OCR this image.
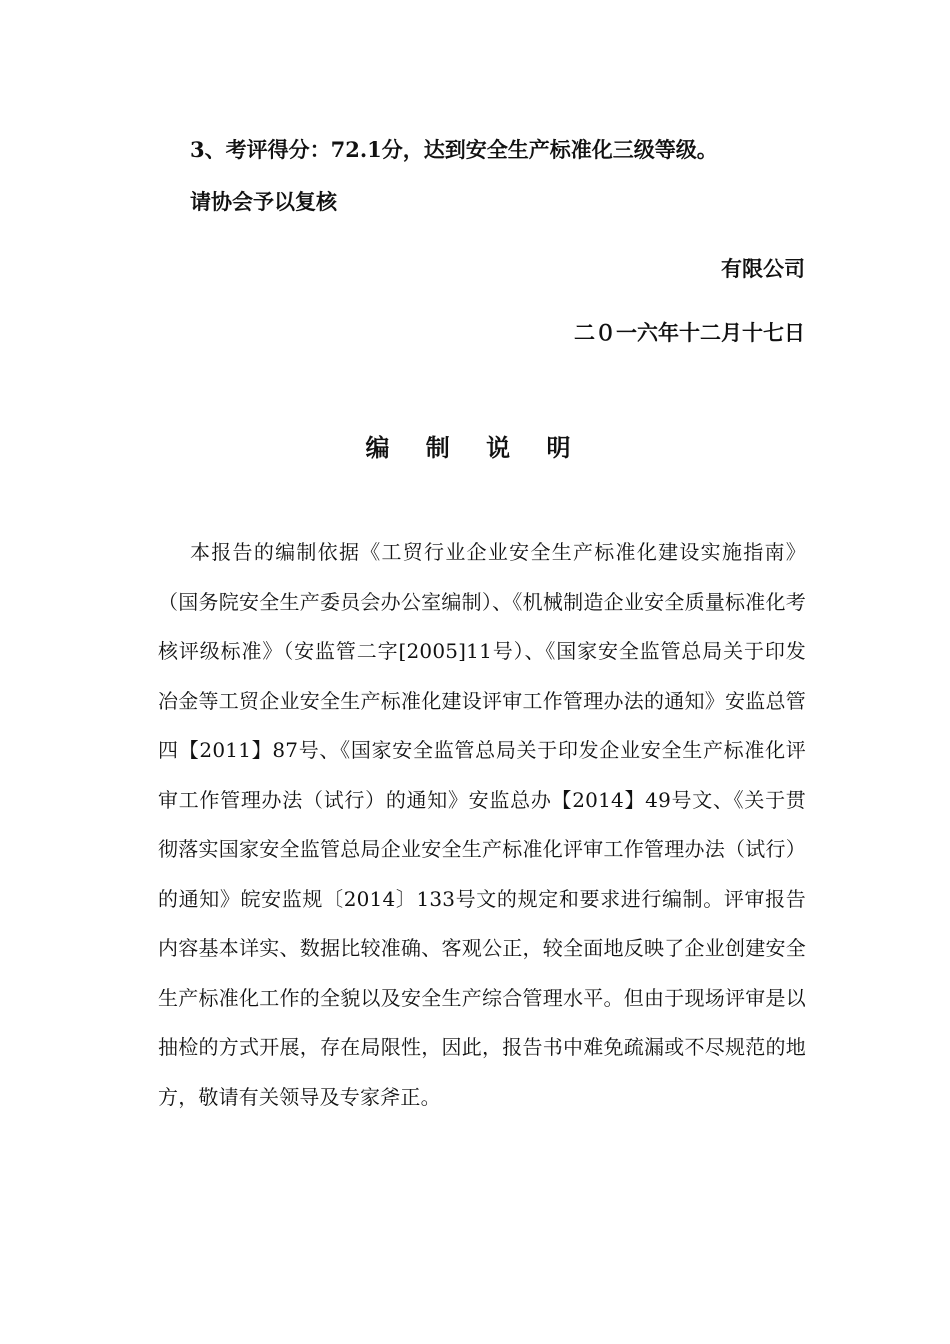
3、考评得分：72.1分，达到安全生产标准化三级等级。
请协会予以复核
有限公司
二０一六年十二月十七日
编 制 说 明

本报告的编制依据《工贸行业企业安全生产标准化建设实施指南》（国务院安全生产委员会办公室编制）、《机械制造企业安全质量标准化考核评级标准》（安监管二字[2005]11号）、《国家安全监管总局关于印发冶金等工贸企业安全生产标准化建设评审工作管理办法的通知》安监总管四【2011】87号、《国家安全监管总局关于印发企业安全生产标准化评审工作管理办法（试行）的通知》安监总办【2014】49号文、《关于贯彻落实国家安全监管总局企业安全生产标准化评审工作管理办法（试行）的通知》皖安监规〔2014〕133号文的规定和要求进行编制。评审报告内容基本详实、数据比较准确、客观公正，较全面地反映了企业创建安全生产标准化工作的全貌以及安全生产综合管理水平。但由于现场评审是以抽检的方式开展，存在局限性，因此，报告书中难免疏漏或不尽规范的地方，敬请有关领导及专家斧正。
